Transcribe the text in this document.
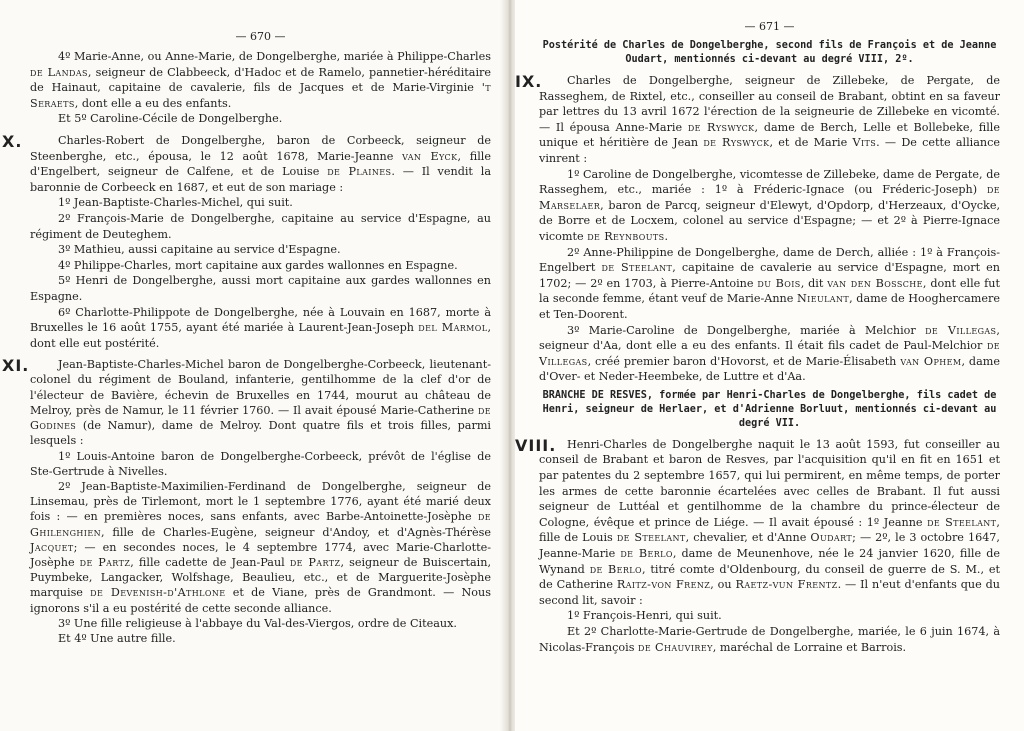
— 670 —

4º Marie-Anne, ou Anne-Marie, de Dongelberghe, mariée à Philippe-Charles de Landas, seigneur de Clabbeeck, d'Hadoc et de Ramelo, pannetier-héréditaire de Hainaut, capitaine de cavalerie, fils de Jacques et de Marie-Virginie 't Seraets, dont elle a eu des enfants.

Et 5º Caroline-Cécile de Dongelberghe.

X.	Charles-Robert de Dongelberghe, baron de Corbeeck, seigneur de Steenberghe, etc., épousa, le 12 août 1678, Marie-Jeanne van Eyck, fille d'Engelbert, seigneur de Calfene, et de Louise de Plaines. — Il vendit la baronnie de Corbeeck en 1687, et eut de son mariage :

1º Jean-Baptiste-Charles-Michel, qui suit.

2º François-Marie de Dongelberghe, capitaine au service d'Espagne, au régiment de Deuteghem.

3º Mathieu, aussi capitaine au service d'Espagne.

4º Philippe-Charles, mort capitaine aux gardes wallonnes en Espagne.

5º Henri de Dongelberghe, aussi mort capitaine aux gardes wallonnes en Espagne.

6º Charlotte-Philippote de Dongelberghe, née à Louvain en 1687, morte à Bruxelles le 16 août 1755, ayant été mariée à Laurent-Jean-Joseph del Marmol, dont elle eut postérité.

XI.	Jean-Baptiste-Charles-Michel baron de Dongelberghe-Corbeeck, lieutenant-colonel du régiment de Bouland, infanterie, gentilhomme de la clef d'or de l'électeur de Bavière, échevin de Bruxelles en 1744, mourut au château de Melroy, près de Namur, le 11 février 1760. — Il avait épousé Marie-Catherine de Godines (de Namur), dame de Melroy. Dont quatre fils et trois filles, parmi lesquels :

1º Louis-Antoine baron de Dongelberghe-Corbeeck, prévôt de l'église de Ste-Gertrude à Nivelles.

2º Jean-Baptiste-Maximilien-Ferdinand de Dongelberghe, seigneur de Linsemau, près de Tirlemont, mort le 1 septembre 1776, ayant été marié deux fois : — en premières noces, sans enfants, avec Barbe-Antoinette-Josèphe de Ghilenghien, fille de Charles-Eugène, seigneur d'Andoy, et d'Agnès-Thérèse Jacquet; — en secondes noces, le 4 septembre 1774, avec Marie-Charlotte-Josèphe de Partz, fille cadette de Jean-Paul de Partz, seigneur de Buiscertain, Puymbeke, Langacker, Wolfshage, Beaulieu, etc., et de Marguerite-Josèphe marquise de Devenish-d'Athlone et de Viane, près de Grandmont. — Nous ignorons s'il a eu postérité de cette seconde alliance.

3º Une fille religieuse à l'abbaye du Val-des-Viergos, ordre de Citeaux.

Et 4º Une autre fille.

— 671 —
Postérité de Charles de Dongelberghe, second fils de François et de Jeanne Oudart, mentionnés ci-devant au degré VIII, 2º.
IX.	Charles de Dongelberghe, seigneur de Zillebeke, de Pergate, de Rasseghem, de Rixtel, etc., conseiller au conseil de Brabant, obtint en sa faveur par lettres du 13 avril 1672 l'érection de la seigneurie de Zillebeke en vicomté. — Il épousa Anne-Marie de Ryswyck, dame de Berch, Lelle et Bollebeke, fille unique et héritière de Jean de Ryswyck, et de Marie Vits. — De cette alliance vinrent :

1º Caroline de Dongelberghe, vicomtesse de Zillebeke, dame de Pergate, de Rasseghem, etc., mariée : 1º à Fréderic-Ignace (ou Fréderic-Joseph) de Marselaer, baron de Parcq, seigneur d'Elewyt, d'Opdorp, d'Herzeaux, d'Oycke, de Borre et de Locxem, colonel au service d'Espagne; — et 2º à Pierre-Ignace vicomte de Reynbouts.

2º Anne-Philippine de Dongelberghe, dame de Derch, alliée : 1º à François-Engelbert de Steelant, capitaine de cavalerie au service d'Espagne, mort en 1702; — 2º en 1703, à Pierre-Antoine du Bois, dit van den Bossche, dont elle fut la seconde femme, étant veuf de Marie-Anne Nieulant, dame de Hooghercamere et Ten-Doorent.

3º Marie-Caroline de Dongelberghe, mariée à Melchior de Villegas, seigneur d'Aa, dont elle a eu des enfants. Il était fils cadet de Paul-Melchior de Villegas, créé premier baron d'Hovorst, et de Marie-Élisabeth van Ophem, dame d'Over- et Neder-Heembeke, de Luttre et d'Aa.

BRANCHE DE RESVES, formée par Henri-Charles de Dongelberghe, fils cadet de Henri, seigneur de Herlaer, et d'Adrienne Borluut, mentionnés ci-devant au degré VII.
VIII. Henri-Charles de Dongelberghe naquit le 13 août 1593, fut conseiller au conseil de Brabant et baron de Resves, par l'acquisition qu'il en fit en 1651 et par patentes du 2 septembre 1657, qui lui permirent, en même temps, de porter les armes de cette baronnie écartelées avec celles de Brabant. Il fut aussi seigneur de Luttéal et gentilhomme de la chambre du prince-électeur de Cologne, évêque et prince de Liége. — Il avait épousé : 1º Jeanne de Steelant, fille de Louis de Steelant, chevalier, et d'Anne Oudart; — 2º, le 3 octobre 1647, Jeanne-Marie de Berlo, dame de Meunenhove, née le 24 janvier 1620, fille de Wynand de Berlo, titré comte d'Oldenbourg, du conseil de guerre de S. M., et de Catherine Raitz-von Frenz, ou Raetz-vun Frentz. — Il n'eut d'enfants que du second lit, savoir :

1º François-Henri, qui suit.

Et 2º Charlotte-Marie-Gertrude de Dongelberghe, mariée, le 6 juin 1674, à Nicolas-François de Chauvirey, maréchal de Lorraine et Barrois.
